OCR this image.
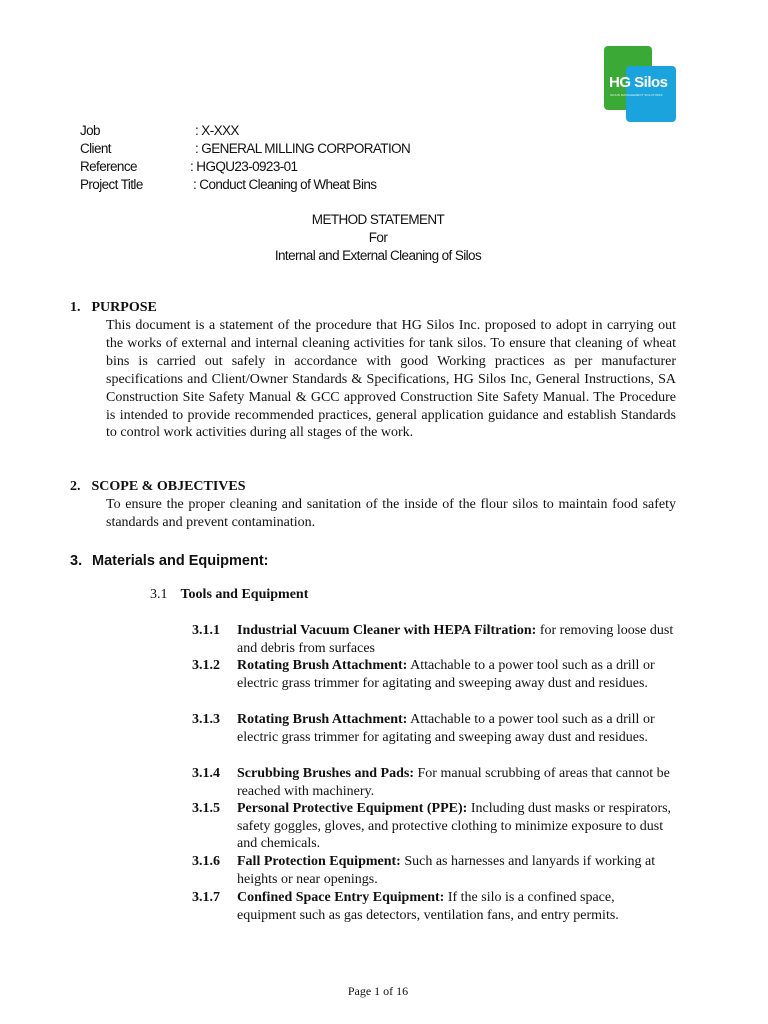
HG Silos
GRAIN MANAGEMENT SOLUTIONS
Job	: X-XXX
Client	: GENERAL MILLING CORPORATION
Reference	: HGQU23-0923-01
Project Title	: Conduct Cleaning of Wheat Bins
METHOD STATEMENT
For
Internal and External Cleaning of Silos
1. PURPOSE
This document is a statement of the procedure that HG Silos Inc. proposed to adopt in carrying out the works of external and internal cleaning activities for tank silos. To ensure that cleaning of wheat bins is carried out safely in accordance with good Working practices as per manufacturer specifications and Client/Owner Standards & Specifications, HG Silos Inc, General Instructions, SA Construction Site Safety Manual & GCC approved Construction Site Safety Manual. The Procedure is intended to provide recommended practices, general application guidance and establish Standards to control work activities during all stages of the work.
2. SCOPE & OBJECTIVES
To ensure the proper cleaning and sanitation of the inside of the flour silos to maintain food safety standards and prevent contamination.
3. Materials and Equipment:
3.1 Tools and Equipment
3.1.1 Industrial Vacuum Cleaner with HEPA Filtration: for removing loose dust and debris from surfaces
3.1.2 Rotating Brush Attachment: Attachable to a power tool such as a drill or electric grass trimmer for agitating and sweeping away dust and residues.
3.1.3 Rotating Brush Attachment: Attachable to a power tool such as a drill or electric grass trimmer for agitating and sweeping away dust and residues.
3.1.4 Scrubbing Brushes and Pads: For manual scrubbing of areas that cannot be reached with machinery.
3.1.5 Personal Protective Equipment (PPE): Including dust masks or respirators, safety goggles, gloves, and protective clothing to minimize exposure to dust and chemicals.
3.1.6 Fall Protection Equipment: Such as harnesses and lanyards if working at heights or near openings.
3.1.7 Confined Space Entry Equipment: If the silo is a confined space, equipment such as gas detectors, ventilation fans, and entry permits.
Page 1 of 16
